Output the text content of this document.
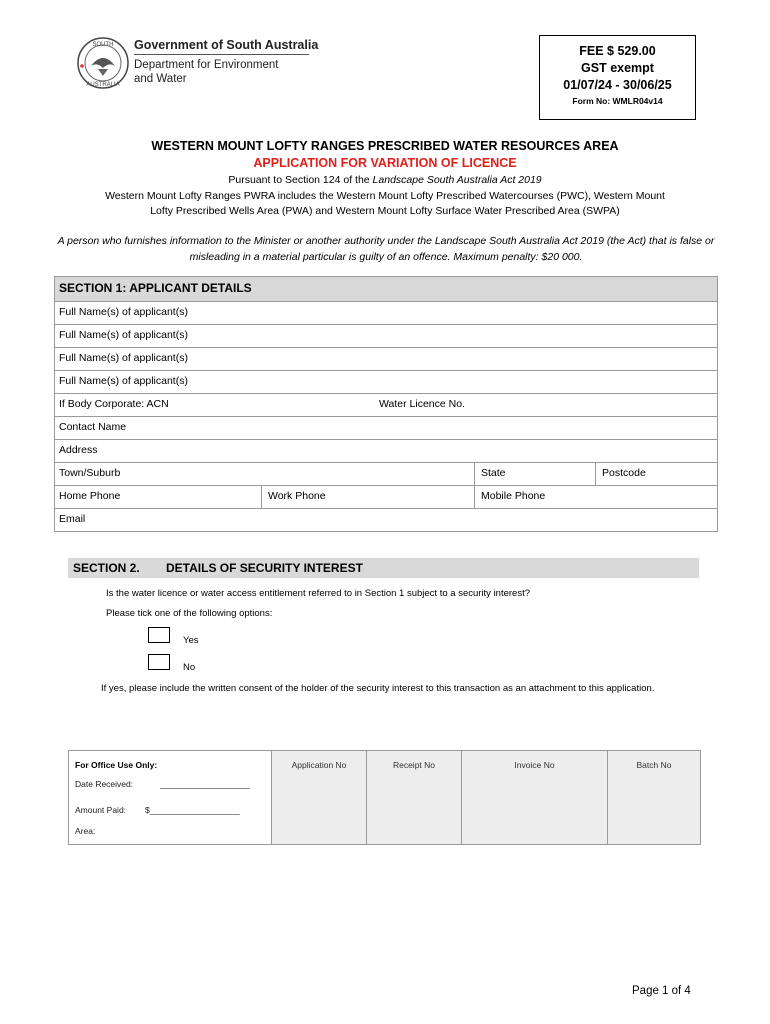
SOUTH
AUSTRALIA
Government of South Australia
Department for Environment
and Water
FEE $ 529.00
GST exempt
01/07/24 - 30/06/25
Form No: WMLR04v14
WESTERN MOUNT LOFTY RANGES PRESCRIBED WATER RESOURCES AREA
APPLICATION FOR VARIATION OF LICENCE
Pursuant to Section 124 of the Landscape South Australia Act 2019
Western Mount Lofty Ranges PWRA includes the Western Mount Lofty Prescribed Watercourses (PWC), Western Mount
Lofty Prescribed Wells Area (PWA) and Western Mount Lofty Surface Water Prescribed Area (SWPA)
A person who furnishes information to the Minister or another authority under the Landscape South Australia Act 2019 (the Act) that is false or misleading in a material particular is guilty of an offence. Maximum penalty: $20 000.
SECTION 1: APPLICANT DETAILS
Full Name(s) of applicant(s)
Full Name(s) of applicant(s)
Full Name(s) of applicant(s)
Full Name(s) of applicant(s)
If Body Corporate: ACN	Water Licence No.
Contact Name
Address
Town/Suburb	State	Postcode
Home Phone	Work Phone	Mobile Phone
Email
SECTION 2. DETAILS OF SECURITY INTEREST
Is the water licence or water access entitlement referred to in Section 1 subject to a security interest?
Please tick one of the following options:
Yes
No
If yes, please include the written consent of the holder of the security interest to this transaction as an attachment to this application.
For Office Use Only:
Date Received:	___________________
Amount Paid: $___________________
Area:
Application No	Receipt No	Invoice No	Batch No
Page 1 of 4
